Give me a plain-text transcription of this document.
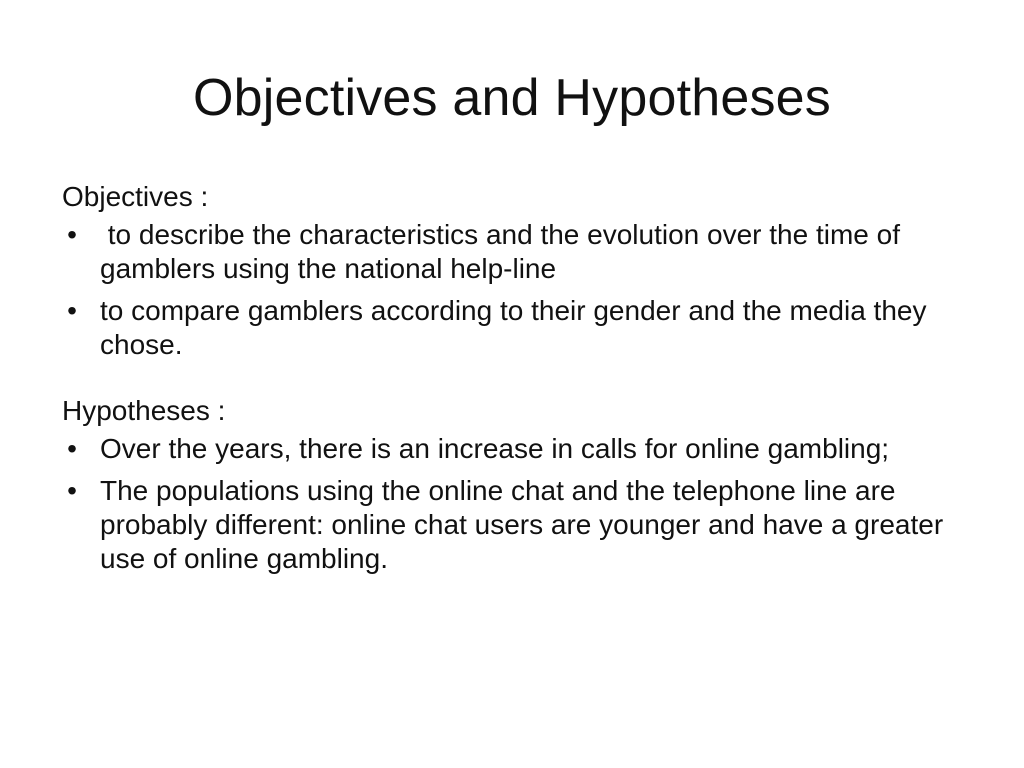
Objectives and Hypotheses

Objectives :

• to describe the characteristics and the evolution over the time of gamblers using the national help-line
• to compare gamblers according to their gender and the media they chose.

Hypotheses :

• Over the years, there is an increase in calls for online gambling;
• The populations using the online chat and the telephone line are probably different: online chat users are younger and have a greater use of online gambling.
